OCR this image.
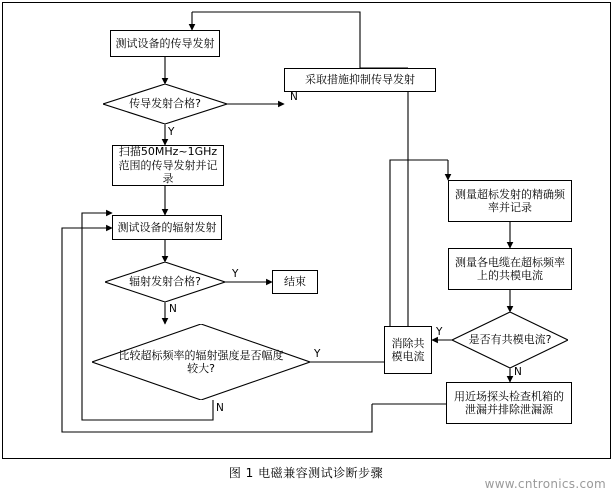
测试设备的传导发射
采取措施抑制传导发射
扫描50MHz~1GHz范围的传导发射并记录
测试设备的辐射发射
结束
测量超标发射的精确频率并记录
测量各电缆在超标频率上的共模电流
消除共模电流
用近场探头检查机箱的泄漏并排除泄漏源
传导发射合格?
辐射发射合格?
比较超标频率的辐射强度是否幅度较大?
是否有共模电流?
N
Y
Y
N
Y
N
Y
N
图 1 电磁兼容测试诊断步骤
www.cntronics.com
